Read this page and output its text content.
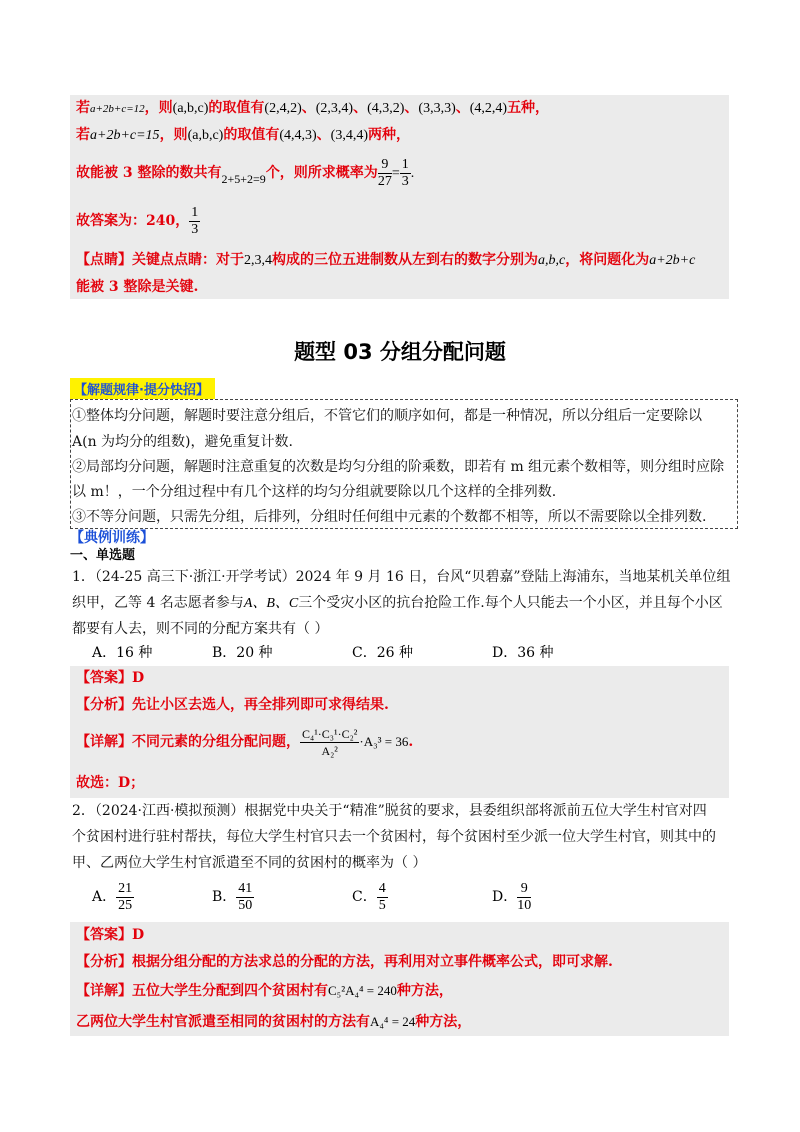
若a+2b+c=12，则(a,b,c)的取值有(2,4,2)、(2,3,4)、(4,3,2)、(3,3,3)、(4,2,4)五种，
若a+2b+c=15，则(a,b,c)的取值有(4,4,3)、(3,4,4)两种，
故能被 3 整除的数共有2+5+2=9个，则所求概率为 $\frac{9}{27} = \frac{1}{3}$ .
故答案为：240， $\frac{1}{3}$
【点睛】关键点点睛：对于2,3,4构成的三位五进制数从左到右的数字分别为a,b,c，将问题化为a+2b+c
能被 3 整除是关键.
题型 03 分组分配问题
【解题规律·提分快招】
①整体均分问题，解题时要注意分组后，不管它们的顺序如何，都是一种情况，所以分组后一定要除以
A(n 为均分的组数)，避免重复计数.
②局部均分问题，解题时注意重复的次数是均匀分组的阶乘数，即若有 m 组元素个数相等，则分组时应除
以 m！，一个分组过程中有几个这样的均匀分组就要除以几个这样的全排列数.
③不等分问题，只需先分组，后排列，分组时任何组中元素的个数都不相等，所以不需要除以全排列数.
【典例训练】
一、单选题
1．（24-25 高三下·浙江·开学考试）2024 年 9 月 16 日，台风“贝碧嘉”登陆上海浦东，当地某机关单位组
织甲，乙等 4 名志愿者参与A、B、C三个受灾小区的抗台抢险工作.每个人只能去一个小区，并且每个小区
都要有人去，则不同的分配方案共有（ ）
A．16 种	B．20 种	C．26 种	D．36 种
【答案】D
【分析】先让小区去选人，再全排列即可求得结果.
【详解】不同元素的分组分配问题， $\frac{\text{C₄¹·C₃¹·C₂²}}{\text{A₂²}} \cdot A_3^3 = 36$.
故选：D；
2．（2024·江西·模拟预测）根据党中央关于“精准”脱贫的要求，县委组织部将派前五位大学生村官对四
个贫困村进行驻村帮扶，每位大学生村官只去一个贫困村，每个贫困村至少派一位大学生村官，则其中的
甲、乙两位大学生村官派遣至不同的贫困村的概率为（ ）
A． $\frac{21}{25}$	B． $\frac{41}{50}$	C． $\frac{4}{5}$	D． $\frac{9}{10}$
【答案】D
【分析】根据分组分配的方法求总的分配的方法，再利用对立事件概率公式，即可求解.
【详解】五位大学生分配到四个贫困村有C₅²A₄⁴ = 240种方法，
乙两位大学生村官派遣至相同的贫困村的方法有A₄⁴ = 24种方法，
